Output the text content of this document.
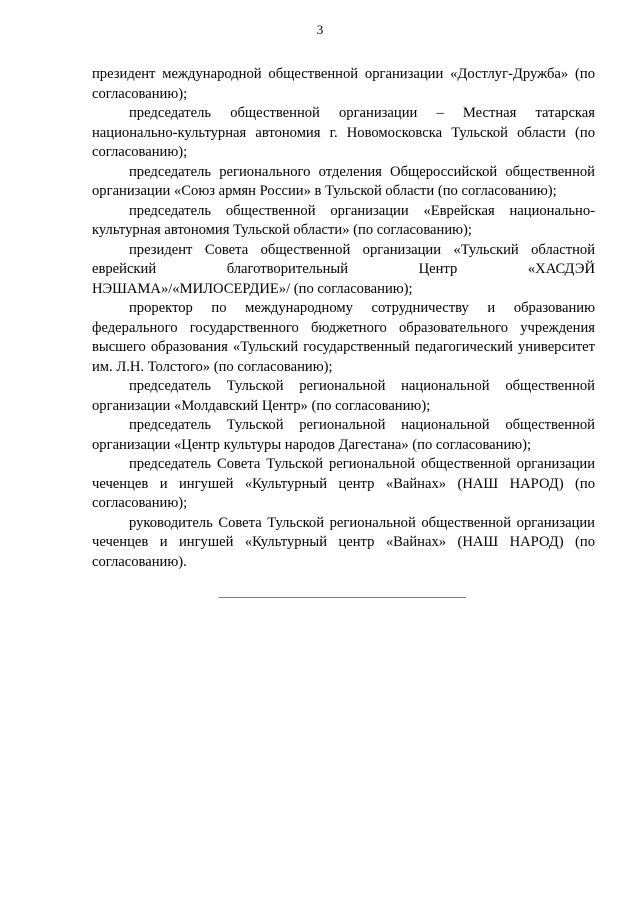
3

президент международной общественной организации «Достлуг-Дружба» (по согласованию);

председатель общественной организации – Местная татарская национально-культурная автономия г. Новомосковска Тульской области (по согласованию);

председатель регионального отделения Общероссийской общественной организации «Союз армян России» в Тульской области (по согласованию);

председатель общественной организации «Еврейская национально-культурная автономия Тульской области» (по согласованию);

президент Совета общественной организации «Тульский областной еврейский благотворительный Центр «ХАСДЭЙ НЭШАМА»/«МИЛОСЕРДИЕ»/ (по согласованию);

проректор по международному сотрудничеству и образованию федерального государственного бюджетного образовательного учреждения высшего образования «Тульский государственный педагогический университет им. Л.Н. Толстого» (по согласованию);

председатель Тульской региональной национальной общественной организации «Молдавский Центр» (по согласованию);

председатель Тульской региональной национальной общественной организации «Центр культуры народов Дагестана» (по согласованию);

председатель Совета Тульской региональной общественной организации чеченцев и ингушей «Культурный центр «Вайнах» (НАШ НАРОД) (по согласованию);

руководитель Совета Тульской региональной общественной организации чеченцев и ингушей «Культурный центр «Вайнах» (НАШ НАРОД) (по согласованию).
